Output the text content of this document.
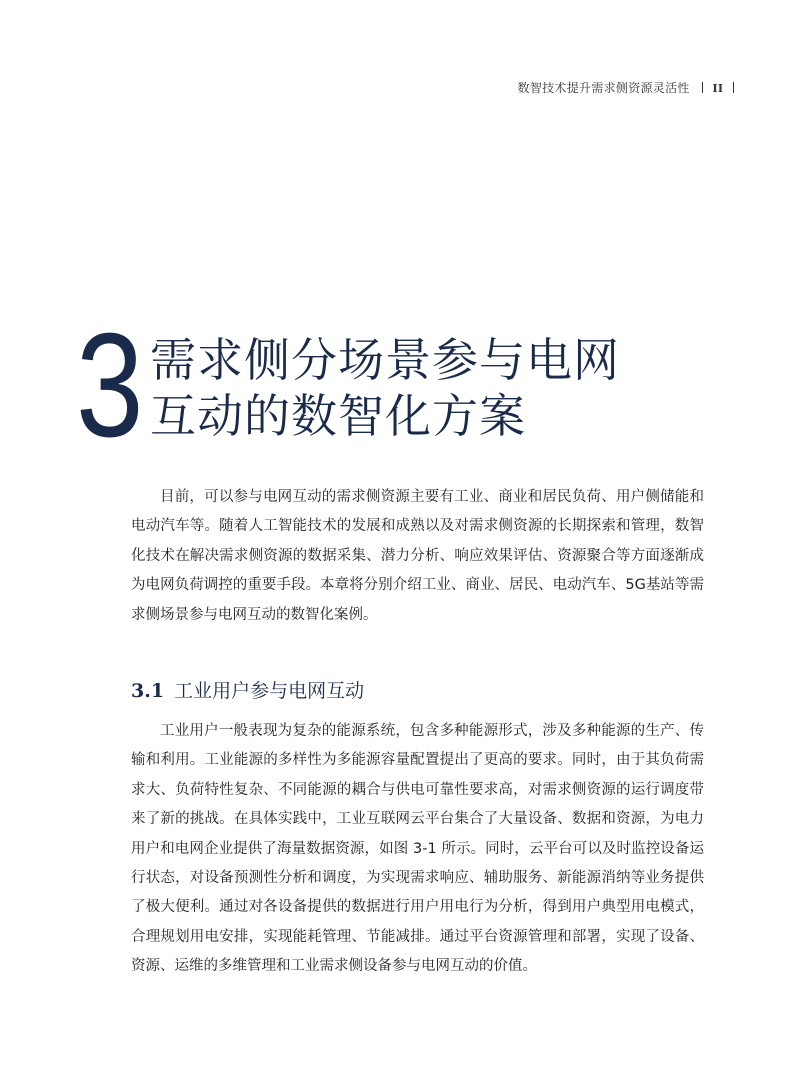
数智技术提升需求侧资源灵活性 II
3 需求侧分场景参与电网
互动的数智化方案

目前，可以参与电网互动的需求侧资源主要有工业、商业和居民负荷、用户侧储能和电动汽车等。随着人工智能技术的发展和成熟以及对需求侧资源的长期探索和管理，数智化技术在解决需求侧资源的数据采集、潜力分析、响应效果评估、资源聚合等方面逐渐成为电网负荷调控的重要手段。本章将分别介绍工业、商业、居民、电动汽车、5G基站等需求侧场景参与电网互动的数智化案例。

3.1 工业用户参与电网互动

工业用户一般表现为复杂的能源系统，包含多种能源形式，涉及多种能源的生产、传输和利用。工业能源的多样性为多能源容量配置提出了更高的要求。同时，由于其负荷需求大、负荷特性复杂、不同能源的耦合与供电可靠性要求高，对需求侧资源的运行调度带来了新的挑战。在具体实践中，工业互联网云平台集合了大量设备、数据和资源，为电力用户和电网企业提供了海量数据资源，如图 3-1 所示。同时，云平台可以及时监控设备运行状态，对设备预测性分析和调度，为实现需求响应、辅助服务、新能源消纳等业务提供了极大便利。通过对各设备提供的数据进行用户用电行为分析，得到用户典型用电模式，合理规划用电安排，实现能耗管理、节能减排。通过平台资源管理和部署，实现了设备、资源、运维的多维管理和工业需求侧设备参与电网互动的价值。
